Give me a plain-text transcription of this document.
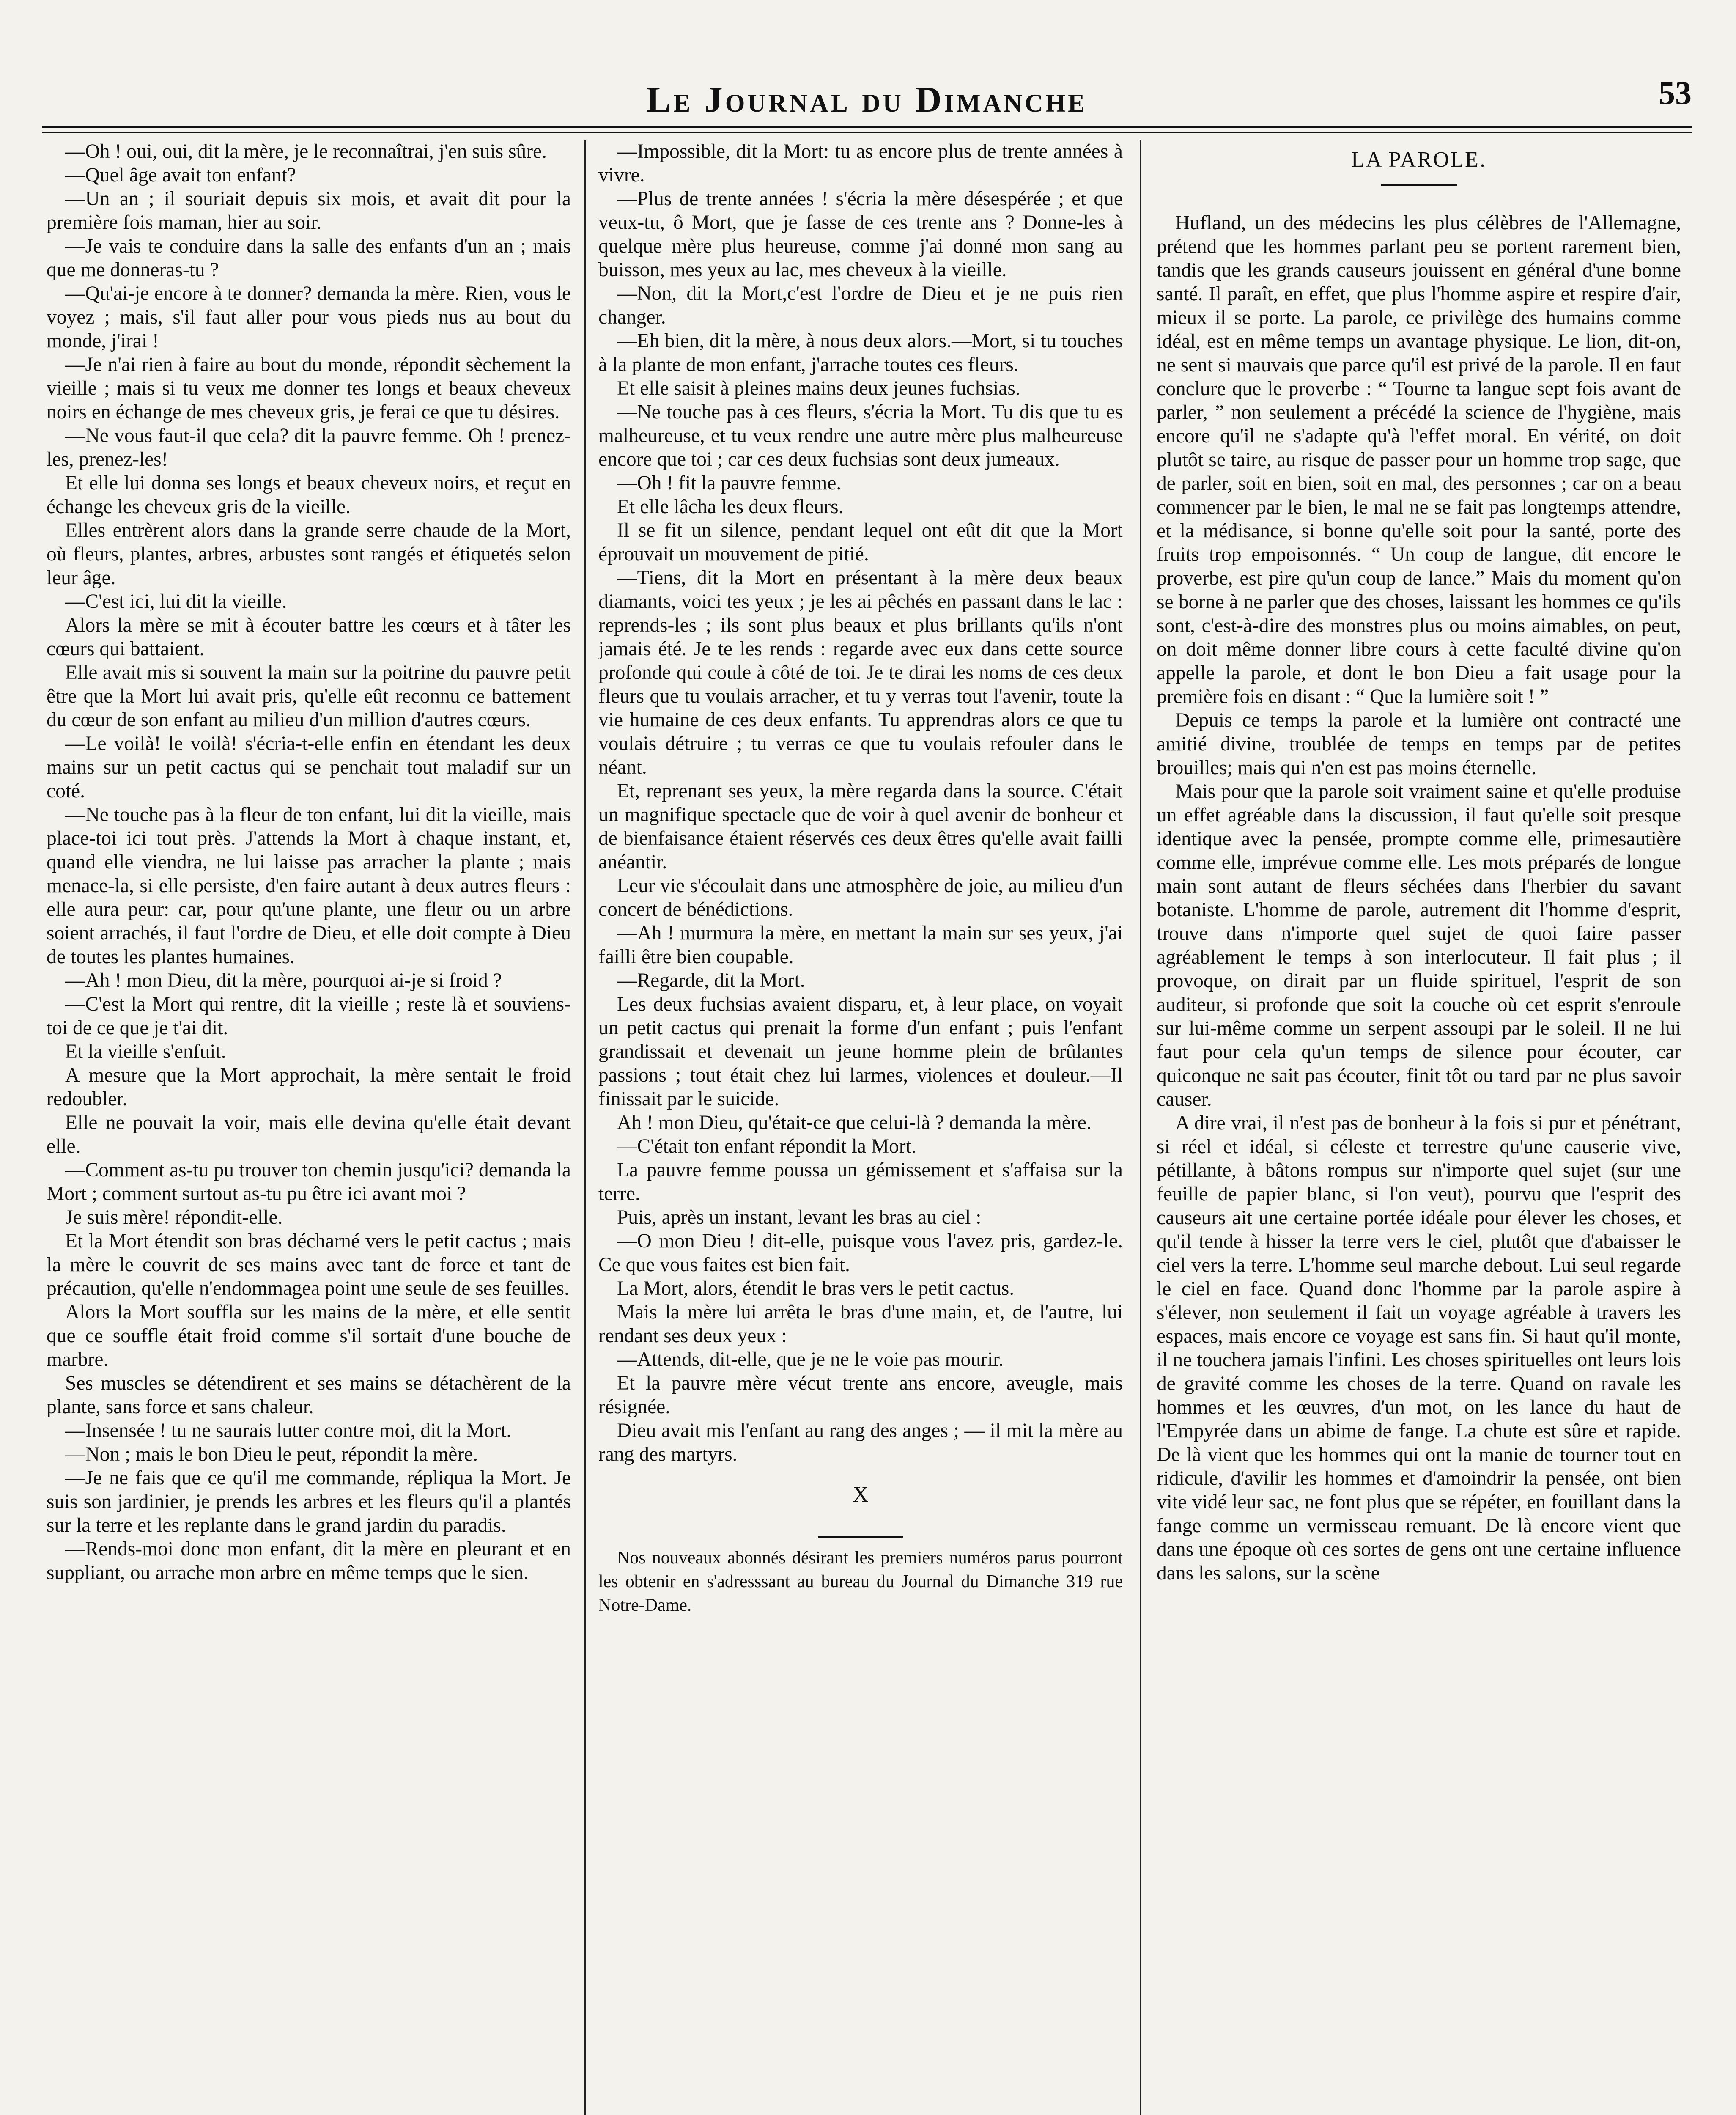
Le Journal du Dimanche	53

—Oh ! oui, oui, dit la mère, je le reconnaîtrai, j'en suis sûre.

—Quel âge avait ton enfant?

—Un an ; il souriait depuis six mois, et avait dit pour la première fois maman, hier au soir.

—Je vais te conduire dans la salle des enfants d'un an ; mais que me donneras-tu ?

—Qu'ai-je encore à te donner? demanda la mère. Rien, vous le voyez ; mais, s'il faut aller pour vous pieds nus au bout du monde, j'irai !

—Je n'ai rien à faire au bout du monde, répondit sèchement la vieille ; mais si tu veux me donner tes longs et beaux cheveux noirs en échange de mes cheveux gris, je ferai ce que tu désires.

—Ne vous faut-il que cela? dit la pauvre femme. Oh ! prenez-les, prenez-les!

Et elle lui donna ses longs et beaux cheveux noirs, et reçut en échange les cheveux gris de la vieille.

Elles entrèrent alors dans la grande serre chaude de la Mort, où fleurs, plantes, arbres, arbustes sont rangés et étiquetés selon leur âge.

—C'est ici, lui dit la vieille.

Alors la mère se mit à écouter battre les cœurs et à tâter les cœurs qui battaient.

Elle avait mis si souvent la main sur la poitrine du pauvre petit être que la Mort lui avait pris, qu'elle eût reconnu ce battement du cœur de son enfant au milieu d'un million d'autres cœurs.

—Le voilà! le voilà! s'écria-t-elle enfin en étendant les deux mains sur un petit cactus qui se penchait tout maladif sur un coté.

—Ne touche pas à la fleur de ton enfant, lui dit la vieille, mais place-toi ici tout près. J'attends la Mort à chaque instant, et, quand elle viendra, ne lui laisse pas arracher la plante ; mais menace-la, si elle persiste, d'en faire autant à deux autres fleurs : elle aura peur: car, pour qu'une plante, une fleur ou un arbre soient arrachés, il faut l'ordre de Dieu, et elle doit compte à Dieu de toutes les plantes humaines.

—Ah ! mon Dieu, dit la mère, pourquoi ai-je si froid ?

—C'est la Mort qui rentre, dit la vieille ; reste là et souviens-toi de ce que je t'ai dit.

Et la vieille s'enfuit.

A mesure que la Mort approchait, la mère sentait le froid redoubler.

Elle ne pouvait la voir, mais elle devina qu'elle était devant elle.

—Comment as-tu pu trouver ton chemin jusqu'ici? demanda la Mort ; comment surtout as-tu pu être ici avant moi ?

Je suis mère! répondit-elle.

Et la Mort étendit son bras décharné vers le petit cactus ; mais la mère le couvrit de ses mains avec tant de force et tant de précaution, qu'elle n'endommagea point une seule de ses feuilles.

Alors la Mort souffla sur les mains de la mère, et elle sentit que ce souffle était froid comme s'il sortait d'une bouche de marbre.

Ses muscles se détendirent et ses mains se détachèrent de la plante, sans force et sans chaleur.

—Insensée ! tu ne saurais lutter contre moi, dit la Mort.

—Non ; mais le bon Dieu le peut, répondit la mère.

—Je ne fais que ce qu'il me commande, répliqua la Mort. Je suis son jardinier, je prends les arbres et les fleurs qu'il a plantés sur la terre et les replante dans le grand jardin du paradis.

—Rends-moi donc mon enfant, dit la mère en pleurant et en suppliant, ou arrache mon arbre en même temps que le sien.

—Impossible, dit la Mort: tu as encore plus de trente années à vivre.

—Plus de trente années ! s'écria la mère désespérée ; et que veux-tu, ô Mort, que je fasse de ces trente ans ? Donne-les à quelque mère plus heureuse, comme j'ai donné mon sang au buisson, mes yeux au lac, mes cheveux à la vieille.

—Non, dit la Mort,c'est l'ordre de Dieu et je ne puis rien changer.

—Eh bien, dit la mère, à nous deux alors.—Mort, si tu touches à la plante de mon enfant, j'arrache toutes ces fleurs.

Et elle saisit à pleines mains deux jeunes fuchsias.

—Ne touche pas à ces fleurs, s'écria la Mort. Tu dis que tu es malheureuse, et tu veux rendre une autre mère plus malheureuse encore que toi ; car ces deux fuchsias sont deux jumeaux.

—Oh ! fit la pauvre femme.

Et elle lâcha les deux fleurs.

Il se fit un silence, pendant lequel ont eût dit que la Mort éprouvait un mouvement de pitié.

—Tiens, dit la Mort en présentant à la mère deux beaux diamants, voici tes yeux ; je les ai pêchés en passant dans le lac : reprends-les ; ils sont plus beaux et plus brillants qu'ils n'ont jamais été. Je te les rends : regarde avec eux dans cette source profonde qui coule à côté de toi. Je te dirai les noms de ces deux fleurs que tu voulais arracher, et tu y verras tout l'avenir, toute la vie humaine de ces deux enfants. Tu apprendras alors ce que tu voulais détruire ; tu verras ce que tu voulais refouler dans le néant.

Et, reprenant ses yeux, la mère regarda dans la source. C'était un magnifique spectacle que de voir à quel avenir de bonheur et de bienfaisance étaient réservés ces deux êtres qu'elle avait failli anéantir.

Leur vie s'écoulait dans une atmosphère de joie, au milieu d'un concert de bénédictions.

—Ah ! murmura la mère, en mettant la main sur ses yeux, j'ai failli être bien coupable.

—Regarde, dit la Mort.

Les deux fuchsias avaient disparu, et, à leur place, on voyait un petit cactus qui prenait la forme d'un enfant ; puis l'enfant grandissait et devenait un jeune homme plein de brûlantes passions ; tout était chez lui larmes, violences et douleur.—Il finissait par le suicide.

Ah ! mon Dieu, qu'était-ce que celui-là ? demanda la mère.

—C'était ton enfant répondit la Mort.

La pauvre femme poussa un gémissement et s'affaisa sur la terre.

Puis, après un instant, levant les bras au ciel :

—O mon Dieu ! dit-elle, puisque vous l'avez pris, gardez-le. Ce que vous faites est bien fait.

La Mort, alors, étendit le bras vers le petit cactus.

Mais la mère lui arrêta le bras d'une main, et, de l'autre, lui rendant ses deux yeux :

—Attends, dit-elle, que je ne le voie pas mourir.

Et la pauvre mère vécut trente ans encore, aveugle, mais résignée.

Dieu avait mis l'enfant au rang des anges ; — il mit la mère au rang des martyrs.

X

Nos nouveaux abonnés désirant les premiers numéros parus pourront les obtenir en s'adresssant au bureau du Journal du Dimanche 319 rue Notre-Dame.

LA PAROLE.

Hufland, un des médecins les plus célèbres de l'Allemagne, prétend que les hommes parlant peu se portent rarement bien, tandis que les grands causeurs jouissent en général d'une bonne santé. Il paraît, en effet, que plus l'homme aspire et respire d'air, mieux il se porte. La parole, ce privilège des humains comme idéal, est en même temps un avantage physique. Le lion, dit-on, ne sent si mauvais que parce qu'il est privé de la parole. Il en faut conclure que le proverbe : “ Tourne ta langue sept fois avant de parler, ” non seulement a précédé la science de l'hygiène, mais encore qu'il ne s'adapte qu'à l'effet moral. En vérité, on doit plutôt se taire, au risque de passer pour un homme trop sage, que de parler, soit en bien, soit en mal, des personnes ; car on a beau commencer par le bien, le mal ne se fait pas longtemps attendre, et la médisance, si bonne qu'elle soit pour la santé, porte des fruits trop empoisonnés. “ Un coup de langue, dit encore le proverbe, est pire qu'un coup de lance.” Mais du moment qu'on se borne à ne parler que des choses, laissant les hommes ce qu'ils sont, c'est-à-dire des monstres plus ou moins aimables, on peut, on doit même donner libre cours à cette faculté divine qu'on appelle la parole, et dont le bon Dieu a fait usage pour la première fois en disant : “ Que la lumière soit ! ”

Depuis ce temps la parole et la lumière ont contracté une amitié divine, troublée de temps en temps par de petites brouilles; mais qui n'en est pas moins éternelle.

Mais pour que la parole soit vraiment saine et qu'elle produise un effet agréable dans la discussion, il faut qu'elle soit presque identique avec la pensée, prompte comme elle, primesautière comme elle, imprévue comme elle. Les mots préparés de longue main sont autant de fleurs séchées dans l'herbier du savant botaniste. L'homme de parole, autrement dit l'homme d'esprit, trouve dans n'importe quel sujet de quoi faire passer agréablement le temps à son interlocuteur. Il fait plus ; il provoque, on dirait par un fluide spirituel, l'esprit de son auditeur, si profonde que soit la couche où cet esprit s'enroule sur lui-même comme un serpent assoupi par le soleil. Il ne lui faut pour cela qu'un temps de silence pour écouter, car quiconque ne sait pas écouter, finit tôt ou tard par ne plus savoir causer.

A dire vrai, il n'est pas de bonheur à la fois si pur et pénétrant, si réel et idéal, si céleste et terrestre qu'une causerie vive, pétillante, à bâtons rompus sur n'importe quel sujet (sur une feuille de papier blanc, si l'on veut), pourvu que l'esprit des causeurs ait une certaine portée idéale pour élever les choses, et qu'il tende à hisser la terre vers le ciel, plutôt que d'abaisser le ciel vers la terre. L'homme seul marche debout. Lui seul regarde le ciel en face. Quand donc l'homme par la parole aspire à s'élever, non seulement il fait un voyage agréable à travers les espaces, mais encore ce voyage est sans fin. Si haut qu'il monte, il ne touchera jamais l'infini. Les choses spirituelles ont leurs lois de gravité comme les choses de la terre. Quand on ravale les hommes et les œuvres, d'un mot, on les lance du haut de l'Empyrée dans un abime de fange. La chute est sûre et rapide. De là vient que les hommes qui ont la manie de tourner tout en ridicule, d'avilir les hommes et d'amoindrir la pensée, ont bien vite vidé leur sac, ne font plus que se répéter, en fouillant dans la fange comme un vermisseau remuant. De là encore vient que dans une époque où ces sortes de gens ont une certaine influence dans les salons, sur la scène
